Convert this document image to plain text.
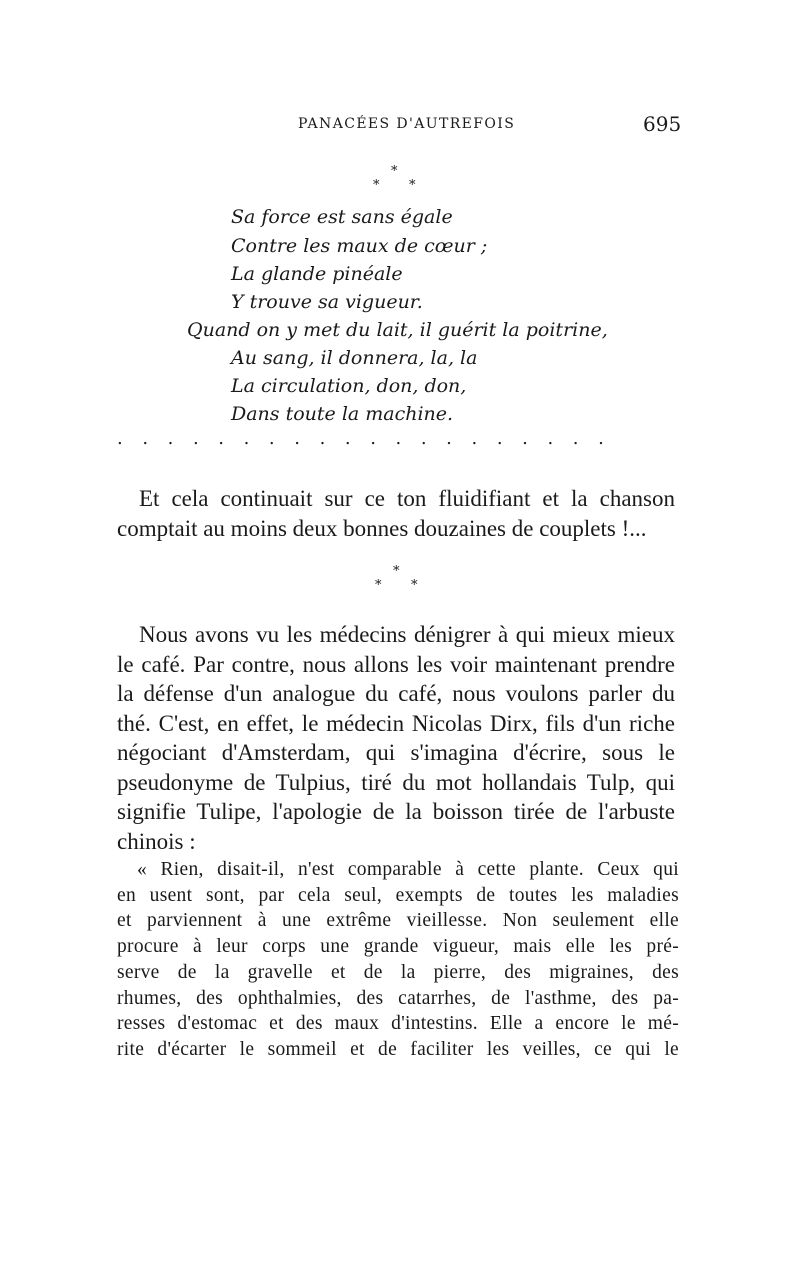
PANACÉES D'AUTREFOIS	695
*
* *
Sa force est sans égale
Contre les maux de cœur ;
La glande pinéale
Y trouve sa vigueur.
Quand on y met du lait, il guérit la poitrine,
Au sang, il donnera, la, la
La circulation, don, don,
Dans toute la machine.
....................
Et cela continuait sur ce ton fluidifiant et la chanson
comptait au moins deux bonnes douzaines de couplets !...
*
* *
Nous avons vu les médecins dénigrer à qui mieux mieux
le café. Par contre, nous allons les voir maintenant prendre
la défense d'un analogue du café, nous voulons parler du
thé. C'est, en effet, le médecin Nicolas Dirx, fils d'un riche
négociant d'Amsterdam, qui s'imagina d'écrire, sous le
pseudonyme de Tulpius, tiré du mot hollandais Tulp, qui
signifie Tulipe, l'apologie de la boisson tirée de l'arbuste
chinois :
« Rien, disait-il, n'est comparable à cette plante. Ceux qui
en usent sont, par cela seul, exempts de toutes les maladies
et parviennent à une extrême vieillesse. Non seulement elle
procure à leur corps une grande vigueur, mais elle les pré-
serve de la gravelle et de la pierre, des migraines, des
rhumes, des ophthalmies, des catarrhes, de l'asthme, des pa-
resses d'estomac et des maux d'intestins. Elle a encore le mé-
rite d'écarter le sommeil et de faciliter les veilles, ce qui le
